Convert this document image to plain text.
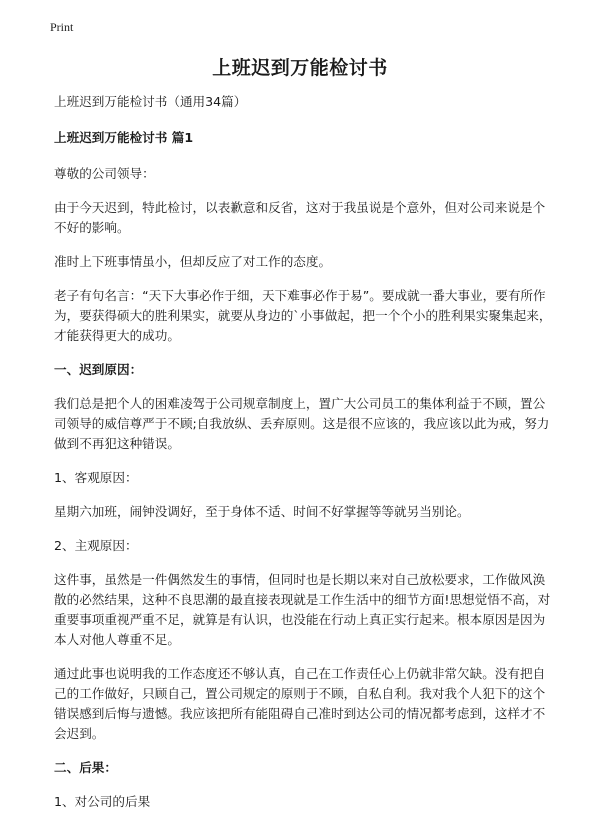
Print
上班迟到万能检讨书

上班迟到万能检讨书（通用34篇）

上班迟到万能检讨书 篇1

尊敬的公司领导：

由于今天迟到，特此检讨，以表歉意和反省，这对于我虽说是个意外，但对公司来说是个不好的影响。

准时上下班事情虽小，但却反应了对工作的态度。

老子有句名言：“天下大事必作于细，天下难事必作于易”。要成就一番大事业，要有所作为，要获得硕大的胜利果实，就要从身边的`小事做起，把一个个小的胜利果实聚集起来，才能获得更大的成功。

一、迟到原因：

我们总是把个人的困难凌驾于公司规章制度上，置广大公司员工的集体利益于不顾，置公司领导的威信尊严于不顾;自我放纵、丢弃原则。这是很不应该的，我应该以此为戒，努力做到不再犯这种错误。

1、客观原因：

星期六加班，闹钟没调好，至于身体不适、时间不好掌握等等就另当别论。

2、主观原因：

这件事，虽然是一件偶然发生的事情，但同时也是长期以来对自己放松要求，工作做风涣散的必然结果，这种不良思潮的最直接表现就是工作生活中的细节方面!思想觉悟不高，对重要事项重视严重不足，就算是有认识，也没能在行动上真正实行起来。根本原因是因为本人对他人尊重不足。

通过此事也说明我的工作态度还不够认真，自己在工作责任心上仍就非常欠缺。没有把自己的工作做好，只顾自己，置公司规定的原则于不顾，自私自利。我对我个人犯下的这个错误感到后悔与遗憾。我应该把所有能阻碍自己准时到达公司的情况都考虑到，这样才不会迟到。

二、后果：

1、对公司的后果
